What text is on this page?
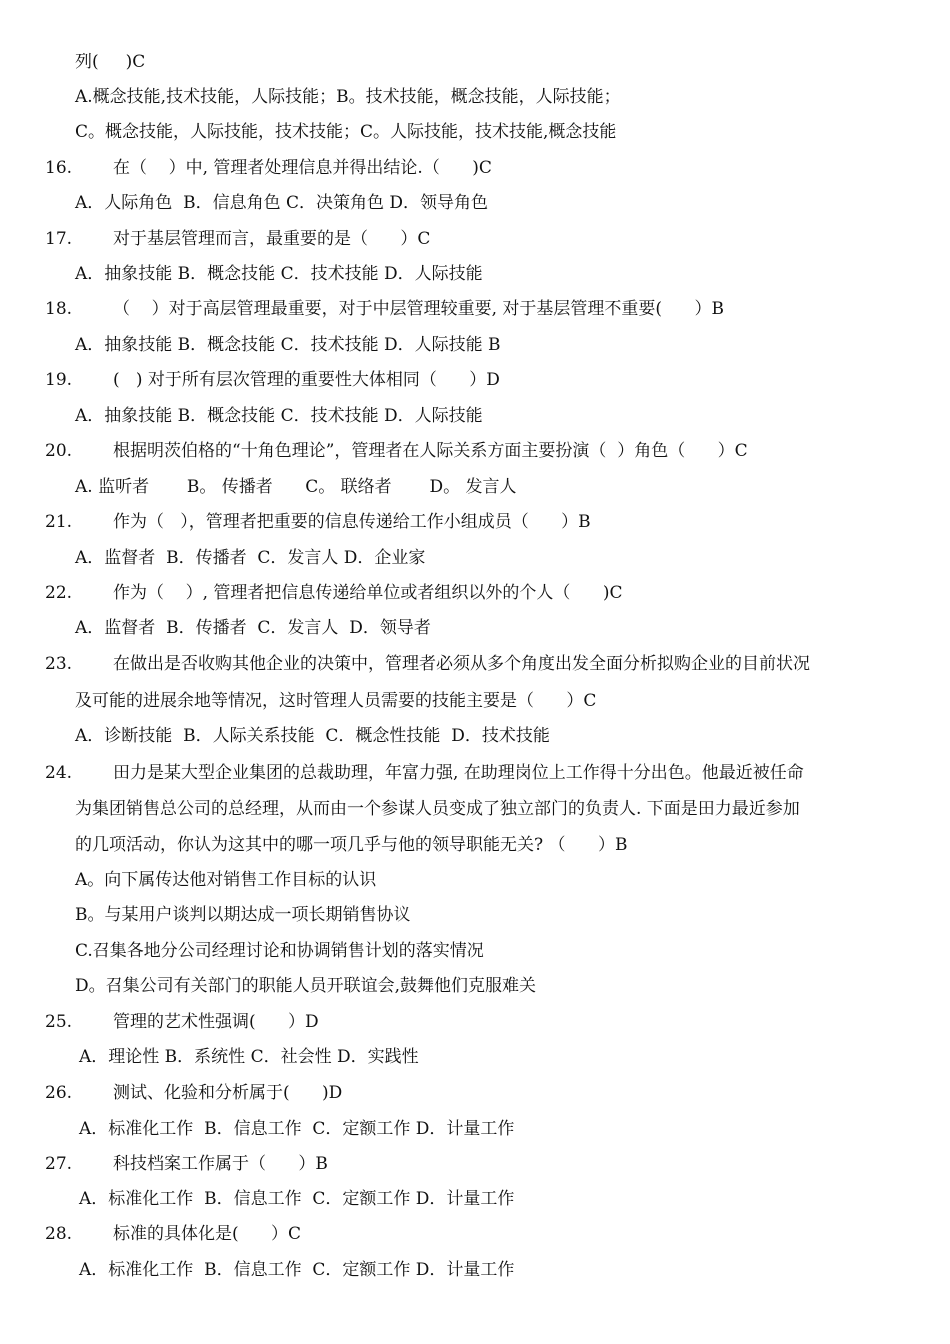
列(     )C
A.概念技能,技术技能，人际技能；B。技术技能，概念技能，人际技能；
C。概念技能，人际技能，技术技能；C。人际技能，技术技能,概念技能
16. 在（    ）中, 管理者处理信息并得出结论.（      )C
A．人际角色  B．信息角色 C．决策角色 D．领导角色
17. 对于基层管理而言，最重要的是（      ）C
A．抽象技能 B．概念技能 C．技术技能 D．人际技能
18. （    ）对于高层管理最重要，对于中层管理较重要, 对于基层管理不重要(      ）B
A．抽象技能 B．概念技能 C．技术技能 D．人际技能 B
19. (   ) 对于所有层次管理的重要性大体相同（      ）D
A．抽象技能 B．概念技能 C．技术技能 D．人际技能
20. 根据明茨伯格的“十角色理论”，管理者在人际关系方面主要扮演（  ）角色（      ）C
A. 监听者       B。 传播者      C。 联络者       D。 发言人
21. 作为（   ），管理者把重要的信息传递给工作小组成员（      ）B
A．监督者  B．传播者  C．发言人 D．企业家
22. 作为（    ）, 管理者把信息传递给单位或者组织以外的个人（      )C
A．监督者  B．传播者  C．发言人  D．领导者
23. 在做出是否收购其他企业的决策中，管理者必须从多个角度出发全面分析拟购企业的目前状况
及可能的进展余地等情况，这时管理人员需要的技能主要是（      ）C
A．诊断技能  B．人际关系技能  C．概念性技能  D．技术技能
24. 田力是某大型企业集团的总裁助理，年富力强, 在助理岗位上工作得十分出色。他最近被任命
为集团销售总公司的总经理，从而由一个参谋人员变成了独立部门的负责人. 下面是田力最近参加
的几项活动，你认为这其中的哪一项几乎与他的领导职能无关? （      ）B
A。向下属传达他对销售工作目标的认识
B。与某用户谈判以期达成一项长期销售协议
C.召集各地分公司经理讨论和协调销售计划的落实情况
D。召集公司有关部门的职能人员开联谊会,鼓舞他们克服难关
25. 管理的艺术性强调(      ）D
A．理论性 B．系统性 C．社会性 D．实践性
26. 测试、化验和分析属于(      )D
A．标准化工作  B．信息工作  C．定额工作 D．计量工作
27. 科技档案工作属于（      ）B
A．标准化工作  B．信息工作  C．定额工作 D．计量工作
28. 标准的具体化是(      ）C
A．标准化工作  B．信息工作  C．定额工作 D．计量工作
